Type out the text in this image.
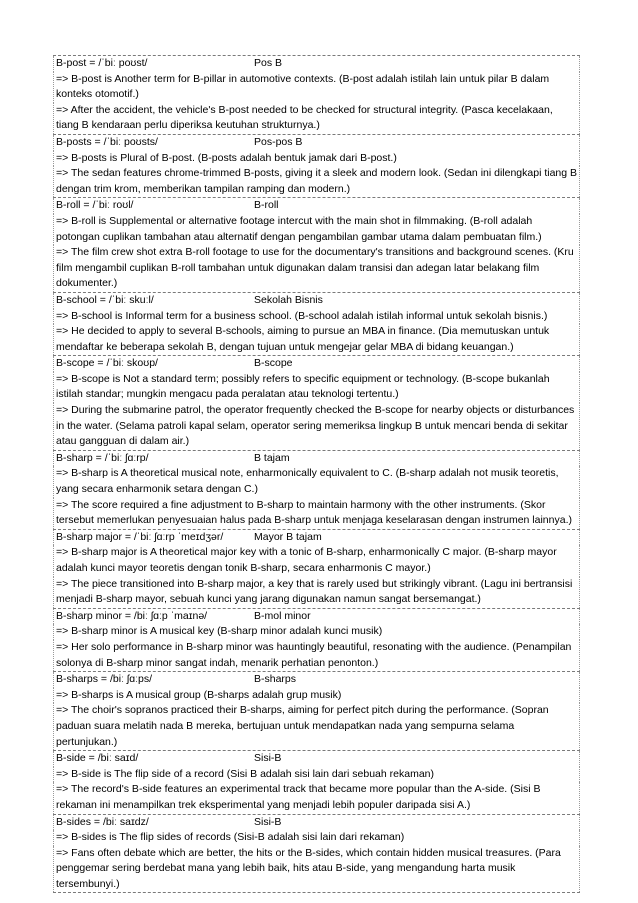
B-post = /ˈbiː poʊst/	Pos B
=> B-post is Another term for B-pillar in automotive contexts. (B-post adalah istilah lain untuk pilar B dalam konteks otomotif.)
=> After the accident, the vehicle's B-post needed to be checked for structural integrity. (Pasca kecelakaan, tiang B kendaraan perlu diperiksa keutuhan strukturnya.)
B-posts = /ˈbiː poʊsts/	Pos-pos B
=> B-posts is Plural of B-post. (B-posts adalah bentuk jamak dari B-post.)
=> The sedan features chrome-trimmed B-posts, giving it a sleek and modern look. (Sedan ini dilengkapi tiang B dengan trim krom, memberikan tampilan ramping dan modern.)
B-roll = /ˈbiː roʊl/	B-roll
=> B-roll is Supplemental or alternative footage intercut with the main shot in filmmaking. (B-roll adalah potongan cuplikan tambahan atau alternatif dengan pengambilan gambar utama dalam pembuatan film.)
=> The film crew shot extra B-roll footage to use for the documentary's transitions and background scenes. (Kru film mengambil cuplikan B-roll tambahan untuk digunakan dalam transisi dan adegan latar belakang film dokumenter.)
B-school = /ˈbiː skuːl/	Sekolah Bisnis
=> B-school is Informal term for a business school. (B-school adalah istilah informal untuk sekolah bisnis.)
=> He decided to apply to several B-schools, aiming to pursue an MBA in finance. (Dia memutuskan untuk mendaftar ke beberapa sekolah B, dengan tujuan untuk mengejar gelar MBA di bidang keuangan.)
B-scope = /ˈbiː skoʊp/	B-scope
=> B-scope is Not a standard term; possibly refers to specific equipment or technology. (B-scope bukanlah istilah standar; mungkin mengacu pada peralatan atau teknologi tertentu.)
=> During the submarine patrol, the operator frequently checked the B-scope for nearby objects or disturbances in the water. (Selama patroli kapal selam, operator sering memeriksa lingkup B untuk mencari benda di sekitar atau gangguan di dalam air.)
B-sharp = /ˈbiː ʃɑːrp/	B tajam
=> B-sharp is A theoretical musical note, enharmonically equivalent to C. (B-sharp adalah not musik teoretis, yang secara enharmonik setara dengan C.)
=> The score required a fine adjustment to B-sharp to maintain harmony with the other instruments. (Skor tersebut memerlukan penyesuaian halus pada B-sharp untuk menjaga keselarasan dengan instrumen lainnya.)
B-sharp major = /ˈbiː ʃɑːrp ˈmeɪdʒər/	Mayor B tajam
=> B-sharp major is A theoretical major key with a tonic of B-sharp, enharmonically C major. (B-sharp mayor adalah kunci mayor teoretis dengan tonik B-sharp, secara enharmonis C mayor.)
=> The piece transitioned into B-sharp major, a key that is rarely used but strikingly vibrant. (Lagu ini bertransisi menjadi B-sharp mayor, sebuah kunci yang jarang digunakan namun sangat bersemangat.)
B-sharp minor = /biː ʃɑːp ˈmaɪnə/	B-mol minor
=> B-sharp minor is A musical key (B-sharp minor adalah kunci musik)
=> Her solo performance in B-sharp minor was hauntingly beautiful, resonating with the audience. (Penampilan solonya di B-sharp minor sangat indah, menarik perhatian penonton.)
B-sharps = /biː ʃɑːps/	B-sharps
=> B-sharps is A musical group (B-sharps adalah grup musik)
=> The choir's sopranos practiced their B-sharps, aiming for perfect pitch during the performance. (Sopran paduan suara melatih nada B mereka, bertujuan untuk mendapatkan nada yang sempurna selama pertunjukan.)
B-side = /biː saɪd/	Sisi-B
=> B-side is The flip side of a record (Sisi B adalah sisi lain dari sebuah rekaman)
=> The record's B-side features an experimental track that became more popular than the A-side. (Sisi B rekaman ini menampilkan trek eksperimental yang menjadi lebih populer daripada sisi A.)
B-sides = /biː saɪdz/	Sisi-B
=> B-sides is The flip sides of records (Sisi-B adalah sisi lain dari rekaman)
=> Fans often debate which are better, the hits or the B-sides, which contain hidden musical treasures. (Para penggemar sering berdebat mana yang lebih baik, hits atau B-side, yang mengandung harta musik tersembunyi.)
